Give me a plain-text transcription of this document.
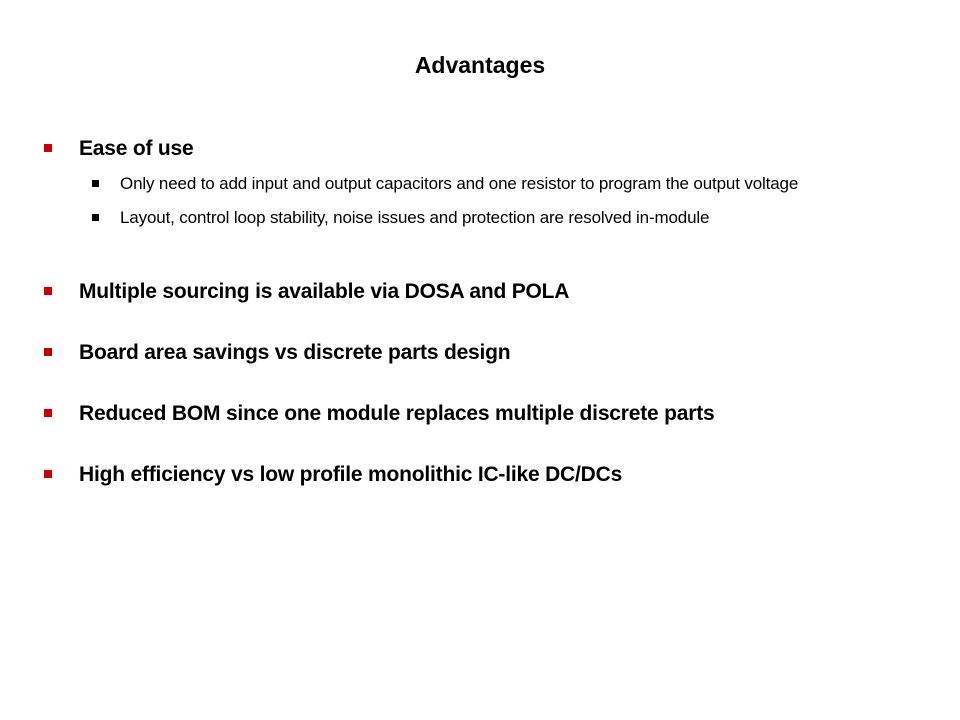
Advantages
Ease of use
Only need to add input and output capacitors and one resistor to program the output voltage
Layout, control loop stability, noise issues and protection are resolved in-module
Multiple sourcing is available via DOSA and POLA
Board area savings vs discrete parts design
Reduced BOM since one module replaces multiple discrete parts
High efficiency vs low profile monolithic IC-like DC/DCs
